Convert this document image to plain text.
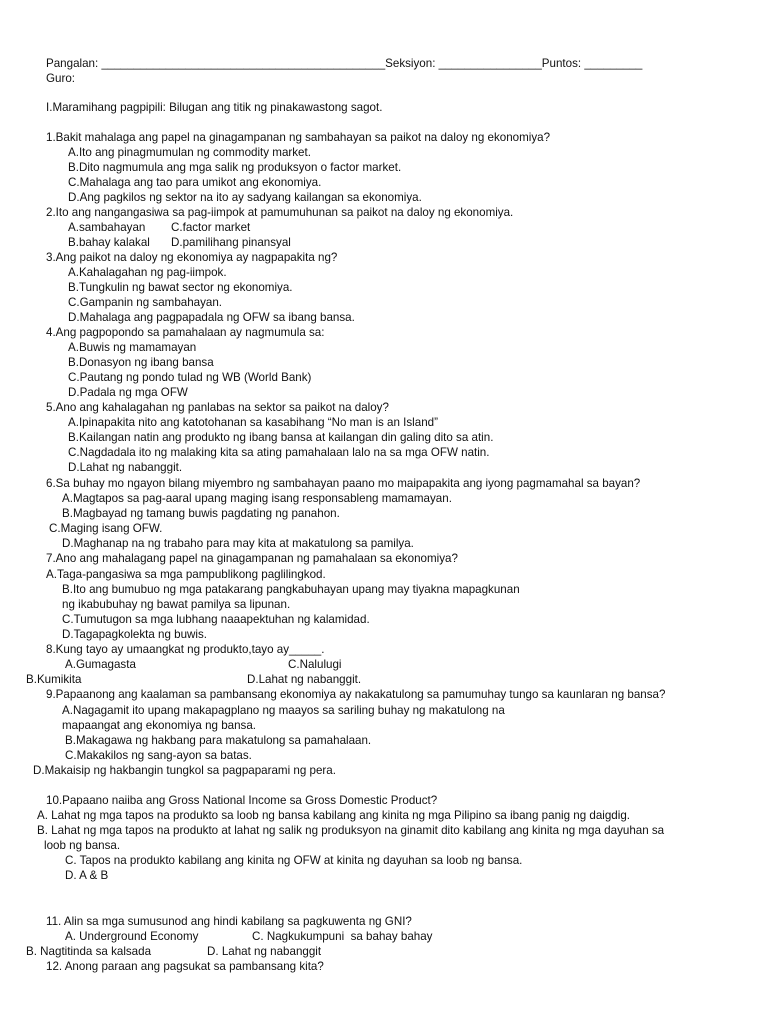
Pangalan: ____________________________________________Seksiyon: ________________Puntos: _________
Guro:
I.Maramihang pagpipili: Bilugan ang titik ng pinakawastong sagot.
1.Bakit mahalaga ang papel na ginagampanan ng sambahayan sa paikot na daloy ng ekonomiya?
A.Ito ang pinagmumulan ng commodity market.
B.Dito nagmumula ang mga salik ng produksyon o factor market.
C.Mahalaga ang tao para umikot ang ekonomiya.
D.Ang pagkilos ng sektor na ito ay sadyang kailangan sa ekonomiya.
2.Ito ang nangangasiwa sa pag-iimpok at pamumuhunan sa paikot na daloy ng ekonomiya.
A.sambahayan C.factor market
B.bahay kalakal D.pamilihang pinansyal
3.Ang paikot na daloy ng ekonomiya ay nagpapakita ng?
A.Kahalagahan ng pag-iimpok.
B.Tungkulin ng bawat sector ng ekonomiya.
C.Gampanin ng sambahayan.
D.Mahalaga ang pagpapadala ng OFW sa ibang bansa.
4.Ang pagpopondo sa pamahalaan ay nagmumula sa:
A.Buwis ng mamamayan
B.Donasyon ng ibang bansa
C.Pautang ng pondo tulad ng WB (World Bank)
D.Padala ng mga OFW
5.Ano ang kahalagahan ng panlabas na sektor sa paikot na daloy?
A.Ipinapakita nito ang katotohanan sa kasabihang “No man is an Island”
B.Kailangan natin ang produkto ng ibang bansa at kailangan din galing dito sa atin.
C.Nagdadala ito ng malaking kita sa ating pamahalaan lalo na sa mga OFW natin.
D.Lahat ng nabanggit.
6.Sa buhay mo ngayon bilang miyembro ng sambahayan paano mo maipapakita ang iyong pagmamahal sa bayan?
A.Magtapos sa pag-aaral upang maging isang responsableng mamamayan.
B.Magbayad ng tamang buwis pagdating ng panahon.
C.Maging isang OFW.
D.Maghanap na ng trabaho para may kita at makatulong sa pamilya.
7.Ano ang mahalagang papel na ginagampanan ng pamahalaan sa ekonomiya?
A.Taga-pangasiwa sa mga pampublikong paglilingkod.
B.Ito ang bumubuo ng mga patakarang pangkabuhayan upang may tiyakna mapagkunan
ng ikabubuhay ng bawat pamilya sa lipunan.
C.Tumutugon sa mga lubhang naaapektuhan ng kalamidad.
D.Tagapagkolekta ng buwis.
8.Kung tayo ay umaangkat ng produkto,tayo ay_____.
A.Gumagasta	C.Nalulugi
B.Kumikita	D.Lahat ng nabanggit.
9.Papaanong ang kaalaman sa pambansang ekonomiya ay nakakatulong sa pamumuhay tungo sa kaunlaran ng bansa?
A.Nagagamit ito upang makapagplano ng maayos sa sariling buhay ng makatulong na
mapaangat ang ekonomiya ng bansa.
B.Makagawa ng hakbang para makatulong sa pamahalaan.
C.Makakilos ng sang-ayon sa batas.
D.Makaisip ng hakbangin tungkol sa pagpaparami ng pera.
10.Papaano naiiba ang Gross National Income sa Gross Domestic Product?
A. Lahat ng mga tapos na produkto sa loob ng bansa kabilang ang kinita ng mga Pilipino sa ibang panig ng daigdig.
B. Lahat ng mga tapos na produkto at lahat ng salik ng produksyon na ginamit dito kabilang ang kinita ng mga dayuhan sa
loob ng bansa.
C. Tapos na produkto kabilang ang kinita ng OFW at kinita ng dayuhan sa loob ng bansa.
D. A & B
11. Alin sa mga sumusunod ang hindi kabilang sa pagkuwenta ng GNI?
A. Underground Economy	C. Nagkukumpuni  sa bahay bahay
B. Nagtitinda sa kalsada	D. Lahat ng nabanggit
12. Anong paraan ang pagsukat sa pambansang kita?
